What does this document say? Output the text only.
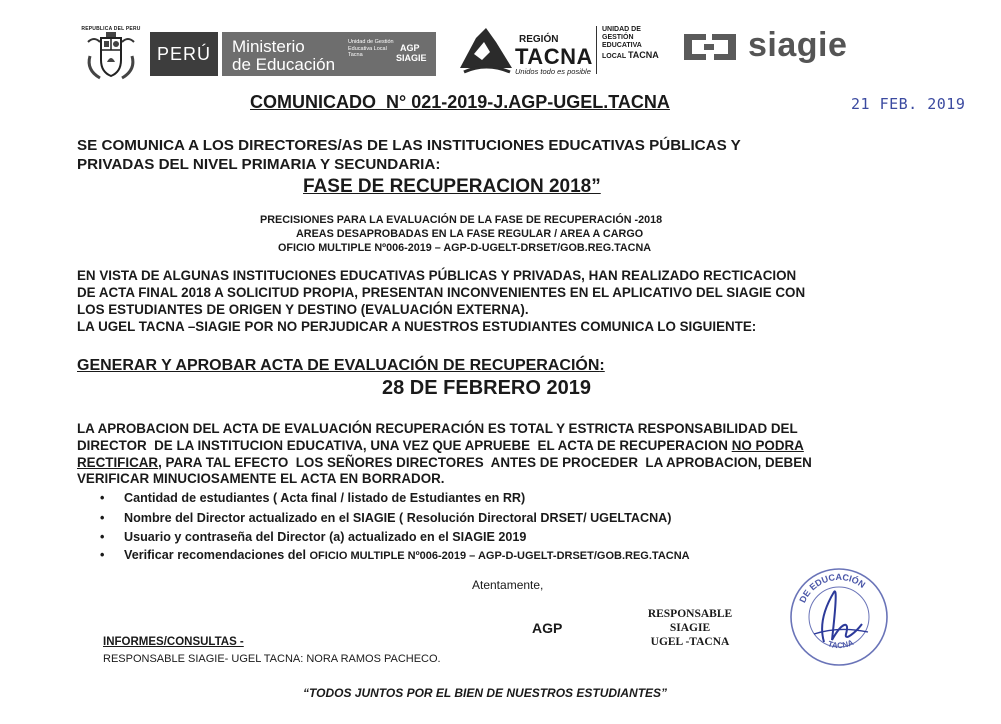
REPUBLICA DEL PERU
PERÚ	Ministerio
de Educación
Unidad de Gestión Educativa Local Tacna
AGP
SIAGIE
REGIÓN
TACNA
Unidos todo es posible
UNIDAD DE
GESTIÓN
EDUCATIVA
LOCAL TACNA	siagie
COMUNICADO  N° 021-2019-J.AGP-UGEL.TACNA	21 FEB. 2019
SE COMUNICA A LOS DIRECTORES/AS DE LAS INSTITUCIONES EDUCATIVAS PÚBLICAS Y
PRIVADAS DEL NIVEL PRIMARIA Y SECUNDARIA:
FASE DE RECUPERACION 2018”
PRECISIONES PARA LA EVALUACIÓN DE LA FASE DE RECUPERACIÓN -2018
AREAS DESAPROBADAS EN LA FASE REGULAR / AREA A CARGO
OFICIO MULTIPLE Nº006-2019 – AGP-D-UGELT-DRSET/GOB.REG.TACNA
EN VISTA DE ALGUNAS INSTITUCIONES EDUCATIVAS PÚBLICAS Y PRIVADAS, HAN REALIZADO RECTICACION
DE ACTA FINAL 2018 A SOLICITUD PROPIA, PRESENTAN INCONVENIENTES EN EL APLICATIVO DEL SIAGIE CON
LOS ESTUDIANTES DE ORIGEN Y DESTINO (EVALUACIÓN EXTERNA).
LA UGEL TACNA –SIAGIE POR NO PERJUDICAR A NUESTROS ESTUDIANTES COMUNICA LO SIGUIENTE:
GENERAR Y APROBAR ACTA DE EVALUACIÓN DE RECUPERACIÓN:
28 DE FEBRERO 2019
LA APROBACION DEL ACTA DE EVALUACIÓN RECUPERACIÓN ES TOTAL Y ESTRICTA RESPONSABILIDAD DEL
DIRECTOR  DE LA INSTITUCION EDUCATIVA, UNA VEZ QUE APRUEBE  EL ACTA DE RECUPERACION NO PODRA
RECTIFICAR, PARA TAL EFECTO  LOS SEÑORES DIRECTORES  ANTES DE PROCEDER  LA APROBACION, DEBEN
VERIFICAR MINUCIOSAMENTE EL ACTA EN BORRADOR.
• Cantidad de estudiantes ( Acta final / listado de Estudiantes en RR)
• Nombre del Director actualizado en el SIAGIE ( Resolución Directoral DRSET/ UGELTACNA)
• Usuario y contraseña del Director (a) actualizado en el SIAGIE 2019
• Verificar recomendaciones del OFICIO MULTIPLE Nº006-2019 – AGP-D-UGELT-DRSET/GOB.REG.TACNA
Atentamente,
AGP
RESPONSABLE
SIAGIE
UGEL -TACNA
INFORMES/CONSULTAS -
RESPONSABLE SIAGIE- UGEL TACNA: NORA RAMOS PACHECO.
“TODOS JUNTOS POR EL BIEN DE NUESTROS ESTUDIANTES”
DE EDUCACIÓN
TACNA
